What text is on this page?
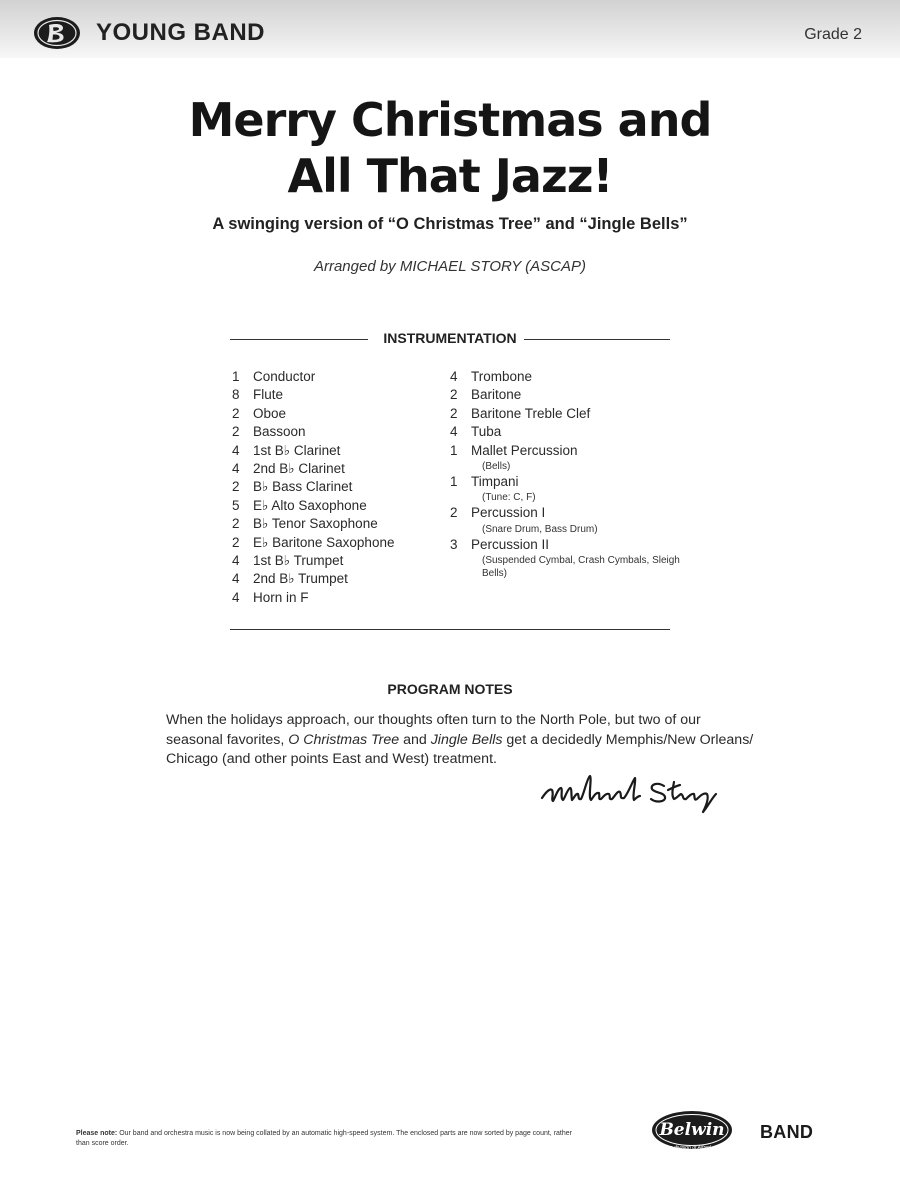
YOUNG BAND	Grade 2
Merry Christmas and
All That Jazz!
A swinging version of “O Christmas Tree” and “Jingle Bells”
Arranged by MICHAEL STORY (ASCAP)
INSTRUMENTATION
1 Conductor
8 Flute
2 Oboe
2 Bassoon
4 1st B♭ Clarinet
4 2nd B♭ Clarinet
2 B♭ Bass Clarinet
5 E♭ Alto Saxophone
2 B♭ Tenor Saxophone
2 E♭ Baritone Saxophone
4 1st B♭ Trumpet
4 2nd B♭ Trumpet
4 Horn in F
4 Trombone
2 Baritone
2 Baritone Treble Clef
4 Tuba
1 Mallet Percussion
(Bells)
1 Timpani
(Tune: C, F)
2 Percussion I
(Snare Drum, Bass Drum)
3 Percussion II
(Suspended Cymbal, Crash Cymbals, Sleigh Bells)
PROGRAM NOTES
When the holidays approach, our thoughts often turn to the North Pole, but two of our seasonal favorites, O Christmas Tree and Jingle Bells get a decidedly Memphis/New Orleans/ Chicago (and other points East and West) treatment.
Please note: Our band and orchestra music is now being collated by an automatic high-speed system. The enclosed parts are now sorted by page count, rather than score order.
Belwin
a division of Alfred
BAND
